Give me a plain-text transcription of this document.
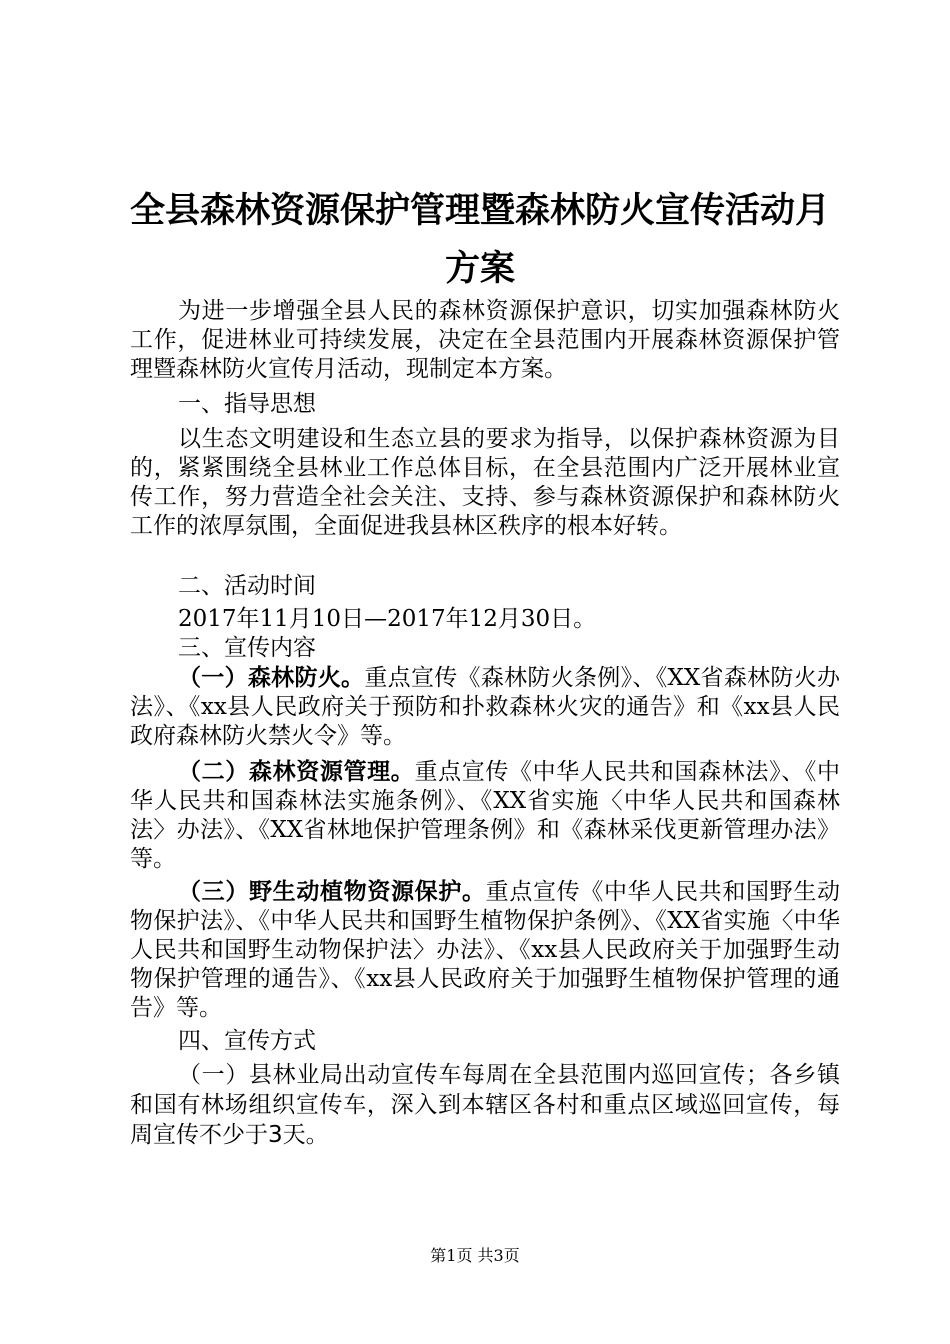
全县森林资源保护管理暨森林防火宣传活动月
方案

为进一步增强全县人民的森林资源保护意识，切实加强森林防火工作，促进林业可持续发展，决定在全县范围内开展森林资源保护管理暨森林防火宣传月活动，现制定本方案。

一、指导思想

以生态文明建设和生态立县的要求为指导，以保护森林资源为目的，紧紧围绕全县林业工作总体目标，在全县范围内广泛开展林业宣传工作，努力营造全社会关注、支持、参与森林资源保护和森林防火工作的浓厚氛围，全面促进我县林区秩序的根本好转。

二、活动时间

2017年11月10日—2017年12月30日。

三、宣传内容

（一）森林防火。重点宣传《森林防火条例》、《XX省森林防火办法》、《xx县人民政府关于预防和扑救森林火灾的通告》和《xx县人民政府森林防火禁火令》等。

（二）森林资源管理。重点宣传《中华人民共和国森林法》、《中华人民共和国森林法实施条例》、《XX省实施〈中华人民共和国森林法〉办法》、《XX省林地保护管理条例》和《森林采伐更新管理办法》等。

（三）野生动植物资源保护。重点宣传《中华人民共和国野生动物保护法》、《中华人民共和国野生植物保护条例》、《XX省实施〈中华人民共和国野生动物保护法〉办法》、《xx县人民政府关于加强野生动物保护管理的通告》、《xx县人民政府关于加强野生植物保护管理的通告》等。

四、宣传方式

（一）县林业局出动宣传车每周在全县范围内巡回宣传；各乡镇和国有林场组织宣传车，深入到本辖区各村和重点区域巡回宣传，每周宣传不少于3天。

第1页 共3页
